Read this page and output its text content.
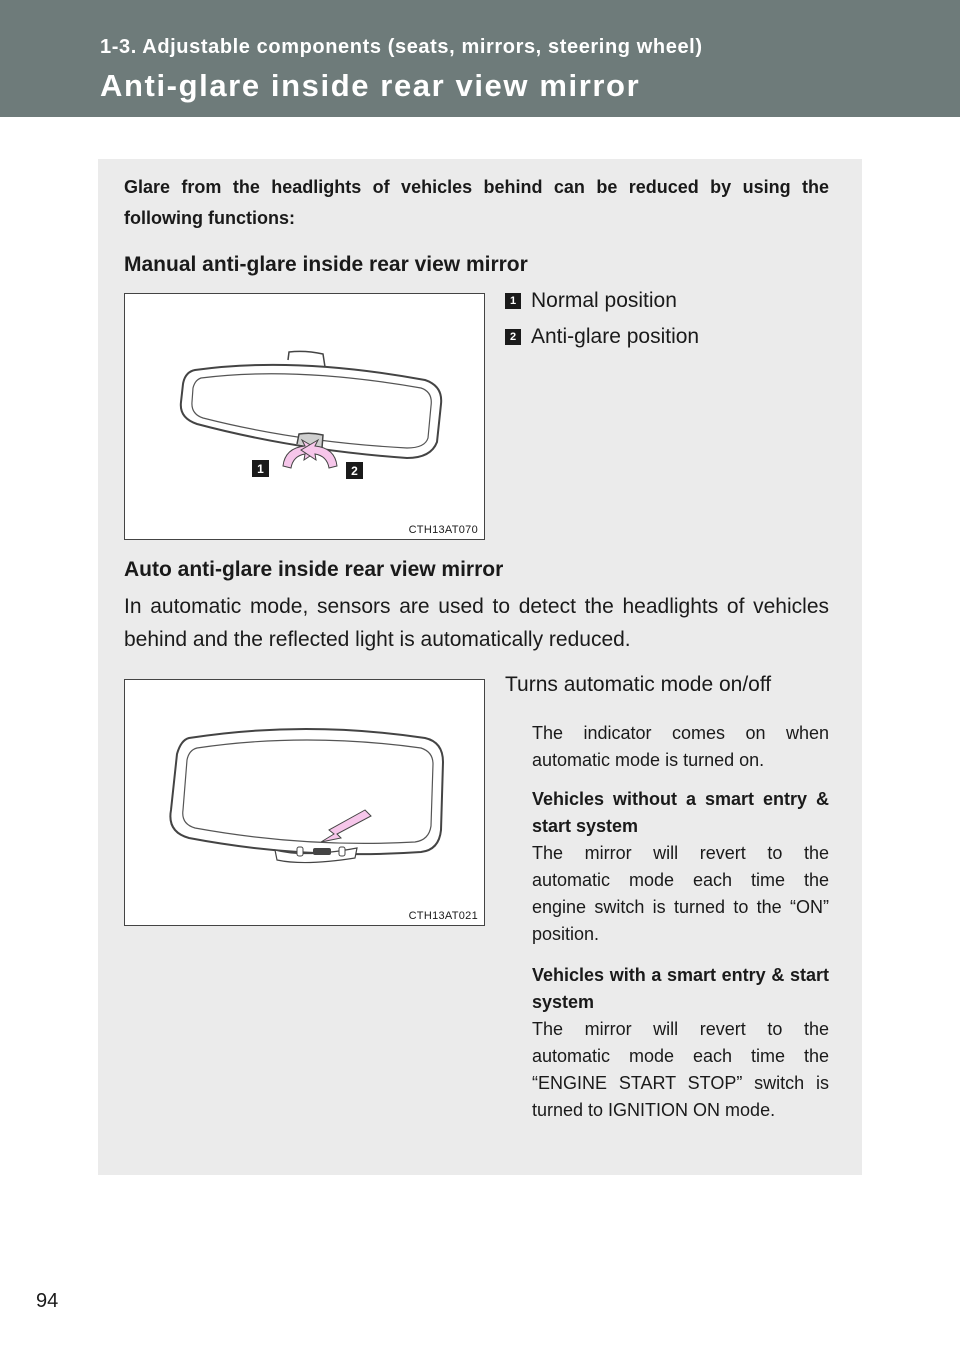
1-3. Adjustable components (seats, mirrors, steering wheel)
Anti-glare inside rear view mirror
Glare from the headlights of vehicles behind can be reduced by using the following functions:
Manual anti-glare inside rear view mirror
1	2
CTH13AT070
1 Normal position
2 Anti-glare position
Auto anti-glare inside rear view mirror
In automatic mode, sensors are used to detect the headlights of vehicles behind and the reflected light is automatically reduced.
CTH13AT021
Turns automatic mode on/off
The indicator comes on when automatic mode is turned on.
Vehicles without a smart entry & start system
The mirror will revert to the automatic mode each time the engine switch is turned to the “ON” position.
Vehicles with a smart entry & start system
The mirror will revert to the automatic mode each time the “ENGINE START STOP” switch is turned to IGNITION ON mode.
94
